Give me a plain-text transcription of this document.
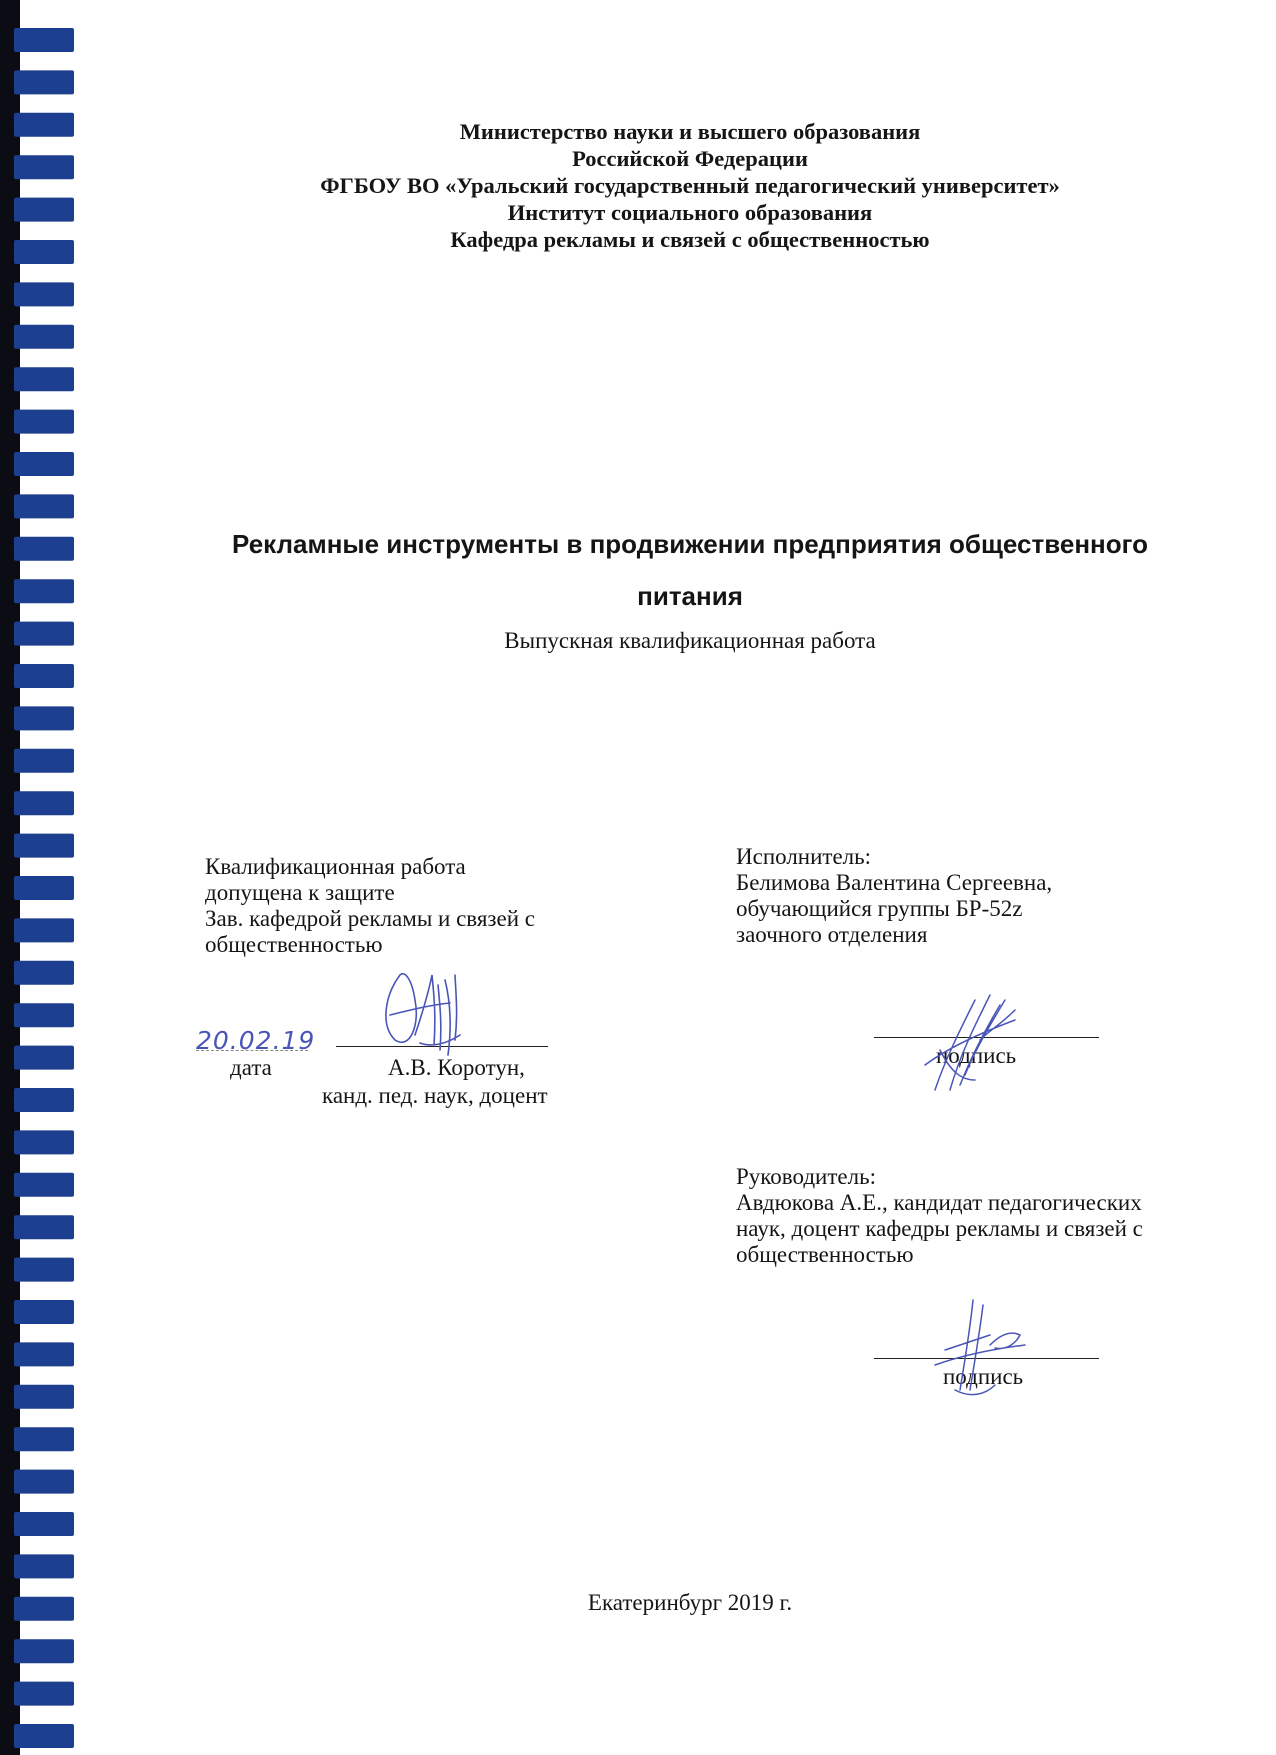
Министерство науки и высшего образования
Российской Федерации
ФГБОУ ВО «Уральский государственный педагогический университет»
Институт социального образования
Кафедра рекламы и связей с общественностью
Рекламные инструменты в продвижении предприятия общественного
питания
Выпускная квалификационная работа
Квалификационная работа
допущена к защите
Зав. кафедрой рекламы и связей с
общественностью
20.02.19
дата	А.В. Коротун,
канд. пед. наук, доцент
Исполнитель:
Белимова Валентина Сергеевна,
обучающийся группы БР-52z
заочного отделения
подпись
Руководитель:
Авдюкова А.Е., кандидат педагогических
наук, доцент кафедры рекламы и связей с
общественностью
подпись
Екатеринбург 2019 г.
